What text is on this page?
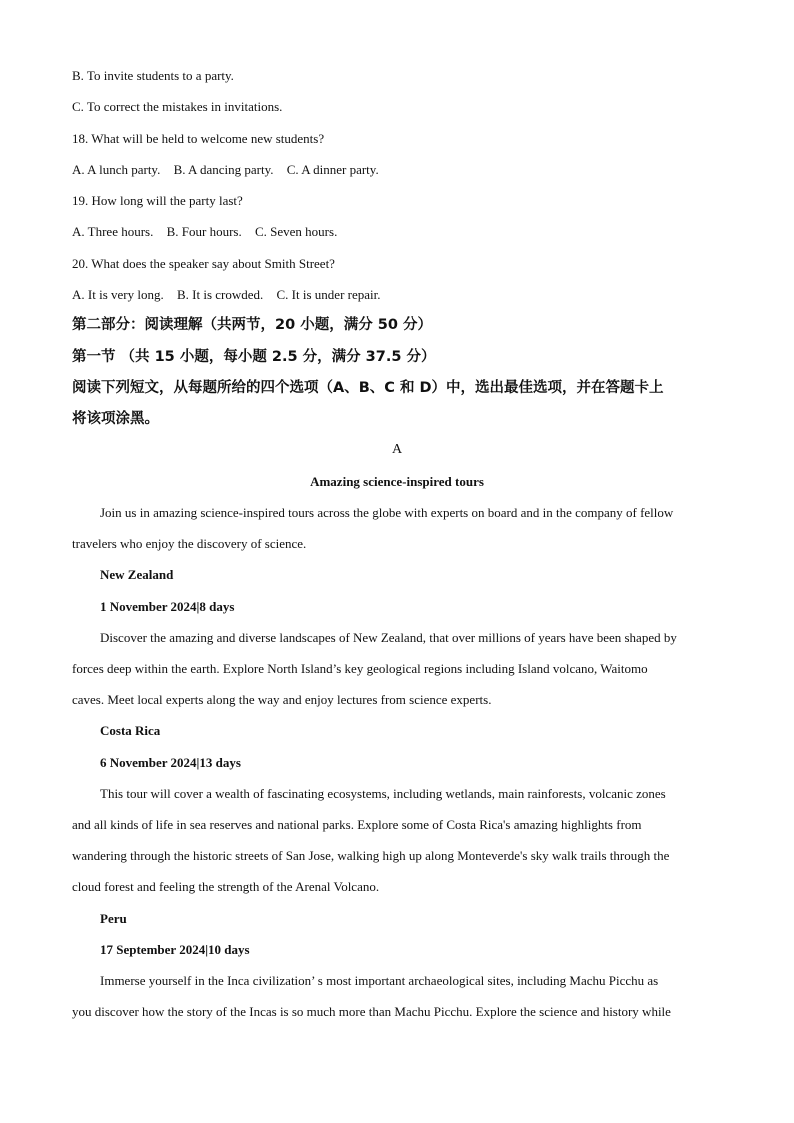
B. To invite students to a party.
C. To correct the mistakes in invitations.
18. What will be held to welcome new students?
A. A lunch party. B. A dancing party. C. A dinner party.
19. How long will the party last?
A. Three hours. B. Four hours. C. Seven hours.
20. What does the speaker say about Smith Street?
A. It is very long. B. It is crowded. C. It is under repair.
第二部分：阅读理解（共两节，20 小题，满分 50 分）
第一节 （共 15 小题，每小题 2.5 分，满分 37.5 分）
阅读下列短文，从每题所给的四个选项（A、B、C 和 D）中，选出最佳选项，并在答题卡上
将该项涂黑。
A
Amazing science-inspired tours
Join us in amazing science-inspired tours across the globe with experts on board and in the company of fellow
travelers who enjoy the discovery of science.
New Zealand
1 November 2024|8 days
Discover the amazing and diverse landscapes of New Zealand, that over millions of years have been shaped by
forces deep within the earth. Explore North Island’s key geological regions including Island volcano, Waitomo
caves. Meet local experts along the way and enjoy lectures from science experts.
Costa Rica
6 November 2024|13 days
This tour will cover a wealth of fascinating ecosystems, including wetlands, main rainforests, volcanic zones
and all kinds of life in sea reserves and national parks. Explore some of Costa Rica's amazing highlights from
wandering through the historic streets of San Jose, walking high up along Monteverde's sky walk trails through the
cloud forest and feeling the strength of the Arenal Volcano.
Peru
17 September 2024|10 days
Immerse yourself in the Inca civilization’ s most important archaeological sites, including Machu Picchu as
you discover how the story of the Incas is so much more than Machu Picchu. Explore the science and history while
